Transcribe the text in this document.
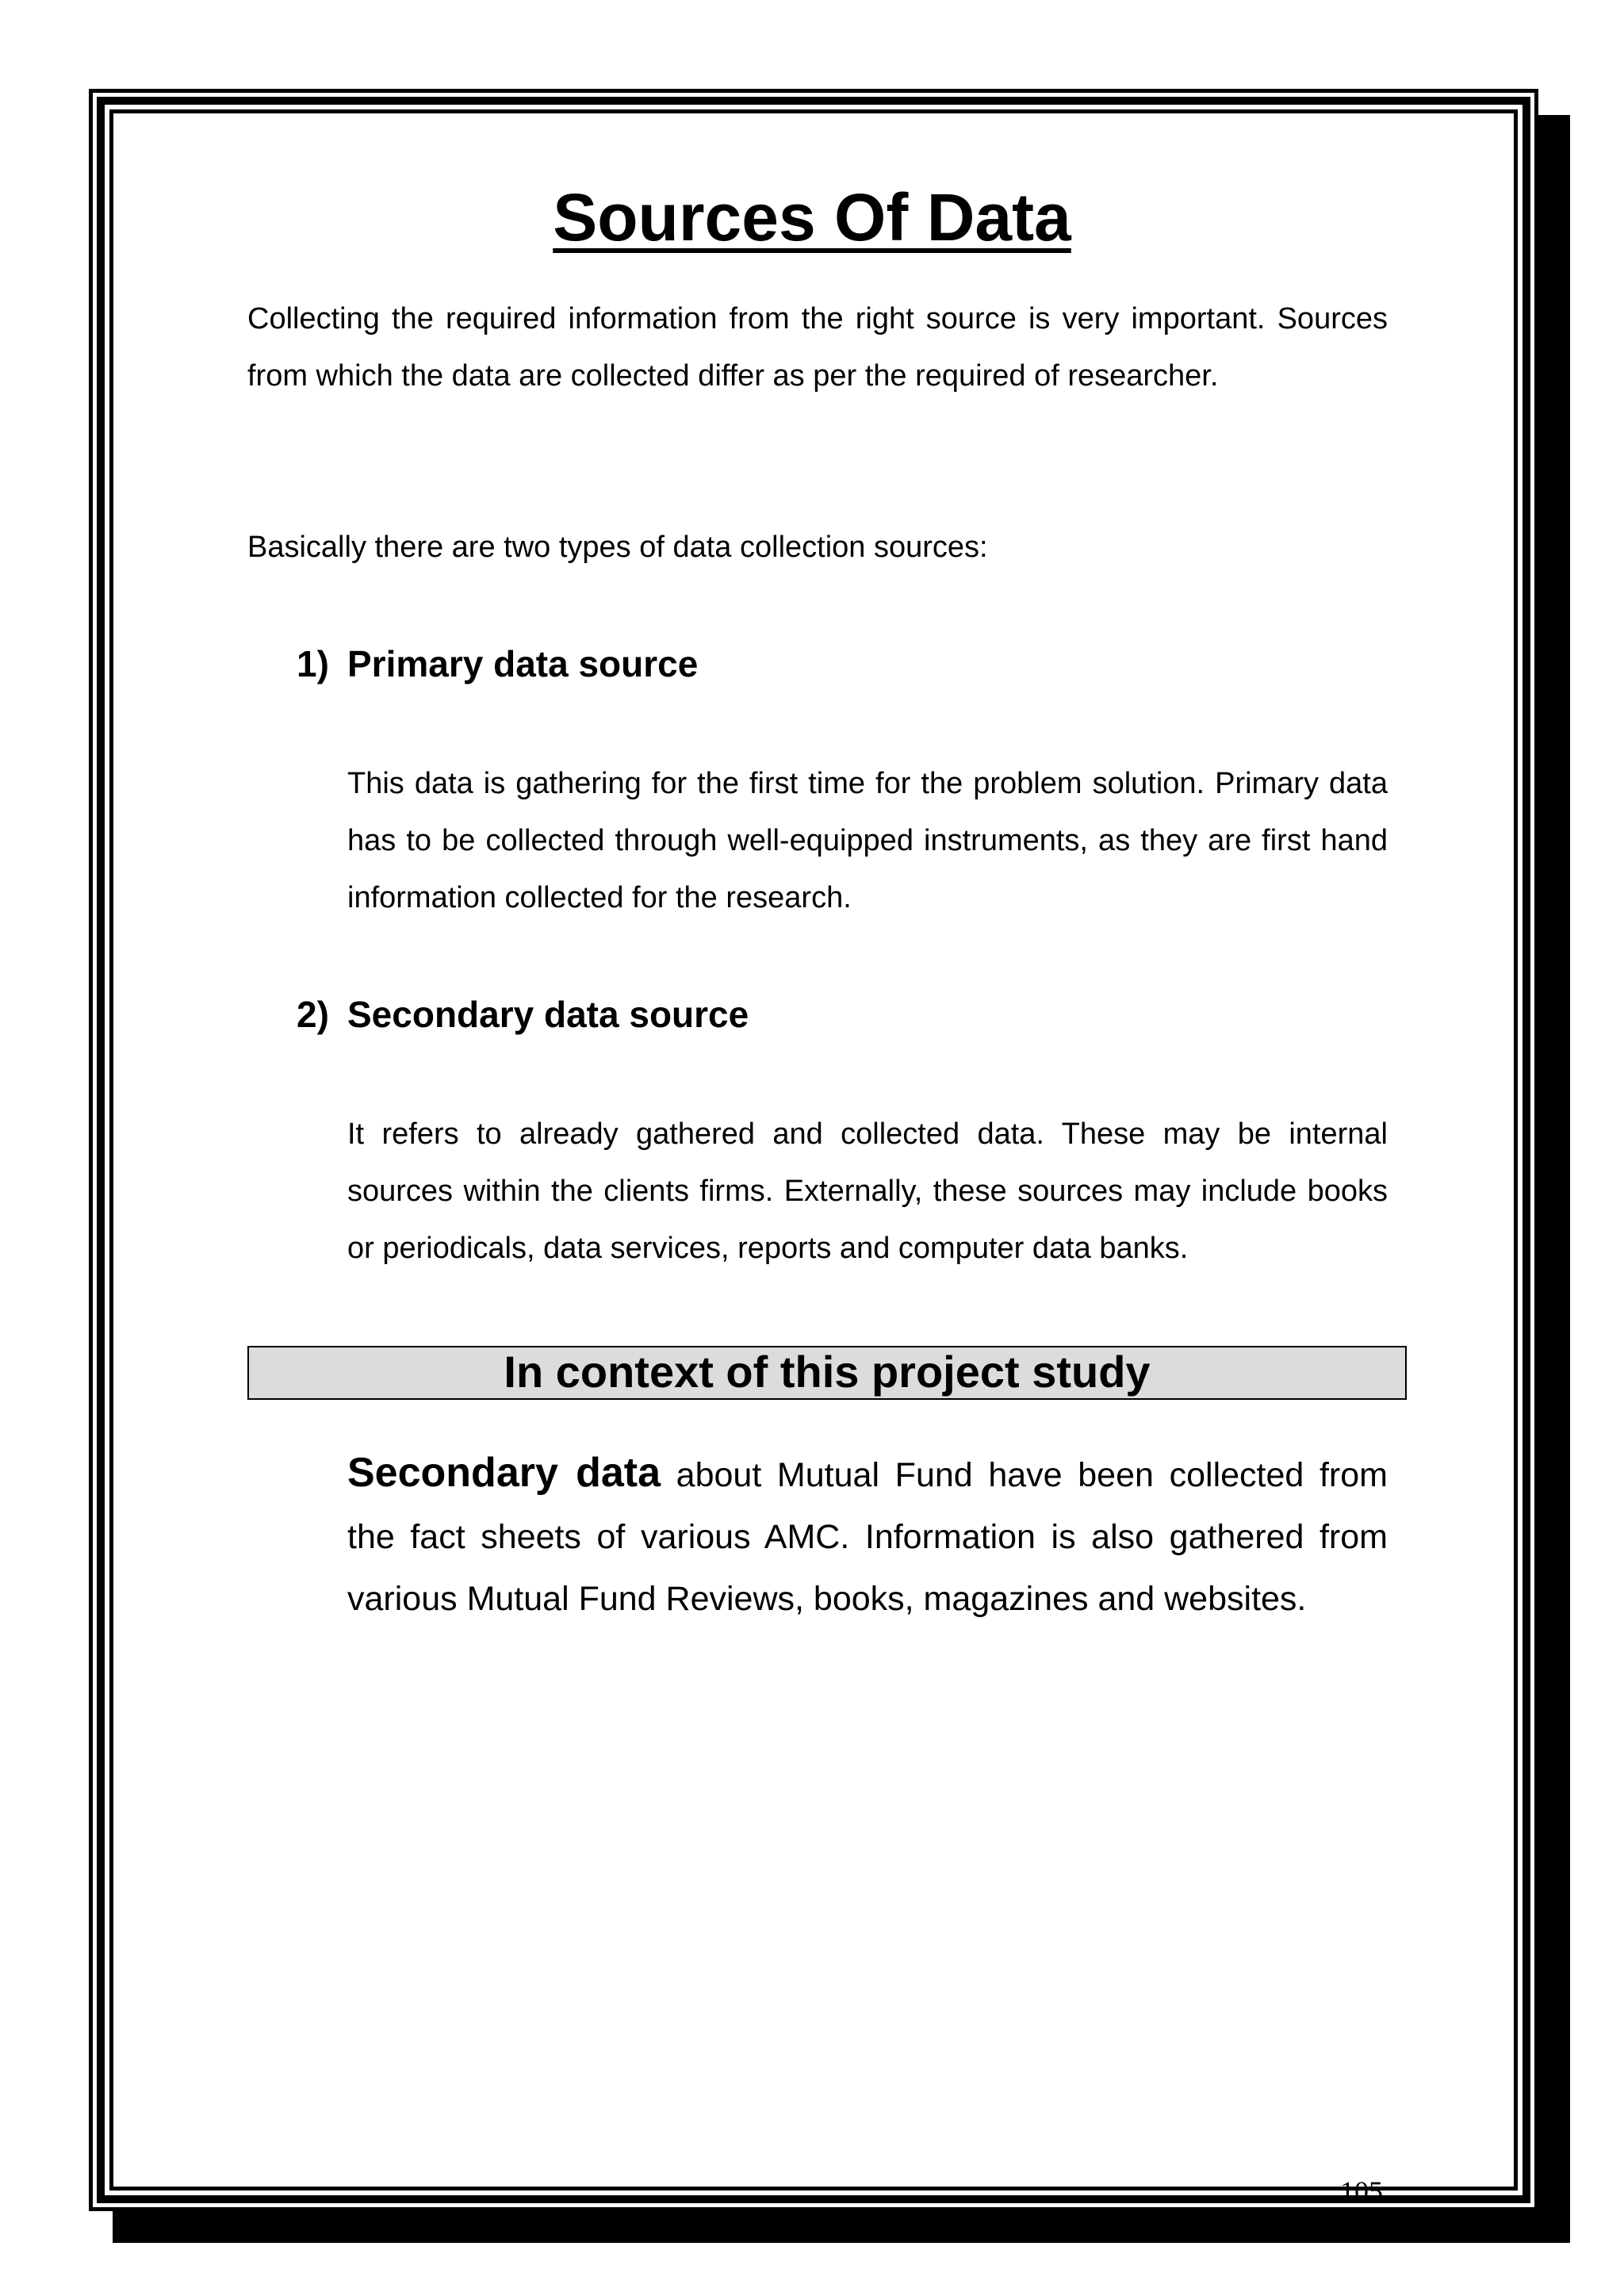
Sources Of Data

Collecting the required information from the right source is very important. Sources from which the data are collected differ as per the required of researcher.

Basically there are two types of data collection sources:

1) Primary data source

This data is gathering for the first time for the problem solution. Primary data has to be collected through well-equipped instruments, as they are first hand information collected for the research.

2) Secondary data source

It refers to already gathered and collected data. These may be internal sources within the clients firms. Externally, these sources may include books or periodicals, data services, reports and computer data banks.

In context of this project study

Secondary data about Mutual Fund have been collected from the fact sheets of various AMC. Information is also gathered from various Mutual Fund Reviews, books, magazines and websites.

105
